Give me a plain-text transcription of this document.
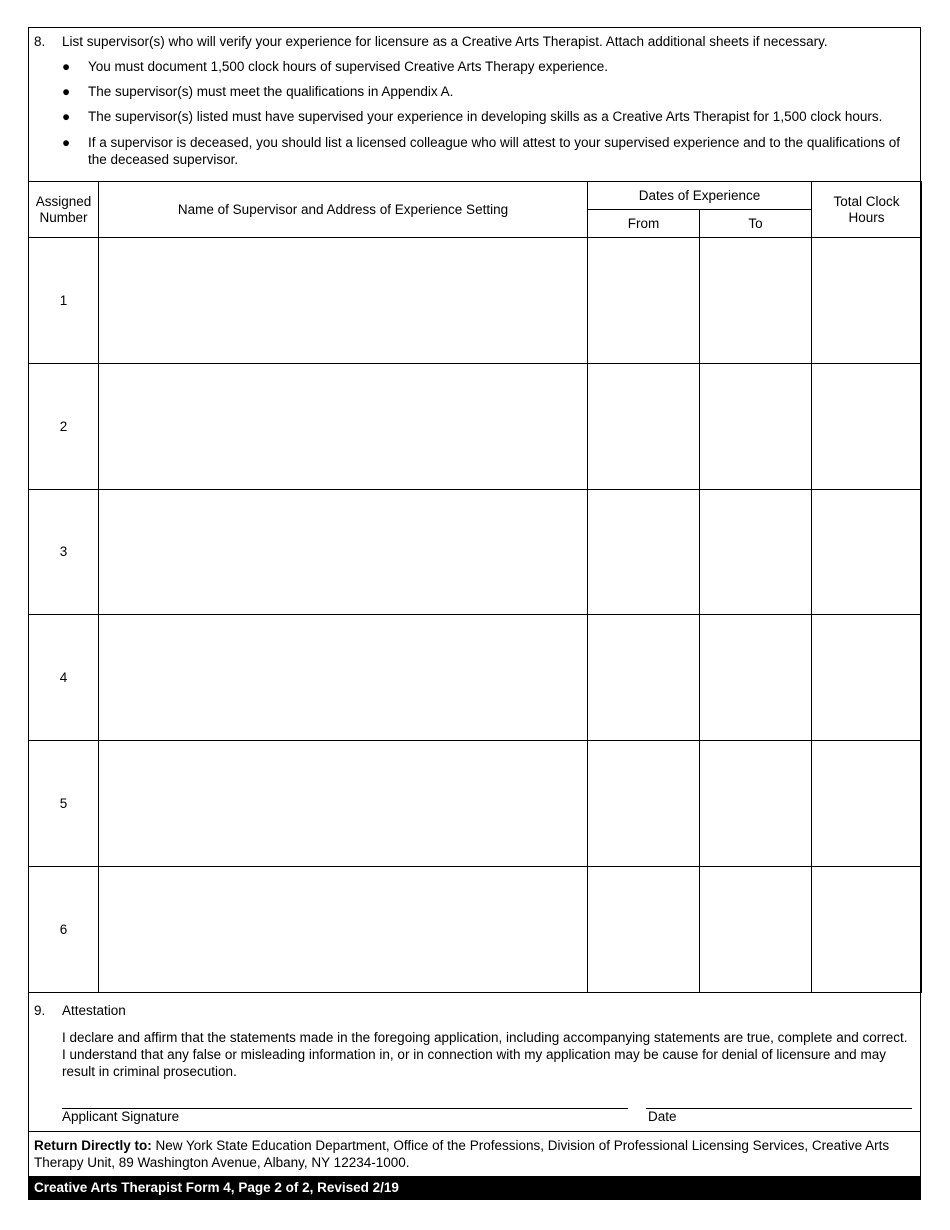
8. List supervisor(s) who will verify your experience for licensure as a Creative Arts Therapist. Attach additional sheets if necessary.
● You must document 1,500 clock hours of supervised Creative Arts Therapy experience.
● The supervisor(s) must meet the qualifications in Appendix A.
● The supervisor(s) listed must have supervised your experience in developing skills as a Creative Arts Therapist for 1,500 clock hours.
● If a supervisor is deceased, you should list a licensed colleague who will attest to your supervised experience and to the qualifications of the deceased supervisor.
Assigned Number	Name of Supervisor and Address of Experience Setting	Dates of Experience		Total Clock Hours
		From	To	
1				
2				
3				
4				
5				
6				
9. Attestation
I declare and affirm that the statements made in the foregoing application, including accompanying statements are true, complete and correct. I understand that any false or misleading information in, or in connection with my application may be cause for denial of licensure and may result in criminal prosecution.
Applicant Signature	Date
Return Directly to: New York State Education Department, Office of the Professions, Division of Professional Licensing Services, Creative Arts Therapy Unit, 89 Washington Avenue, Albany, NY 12234-1000.
Creative Arts Therapist Form 4, Page 2 of 2, Revised 2/19
